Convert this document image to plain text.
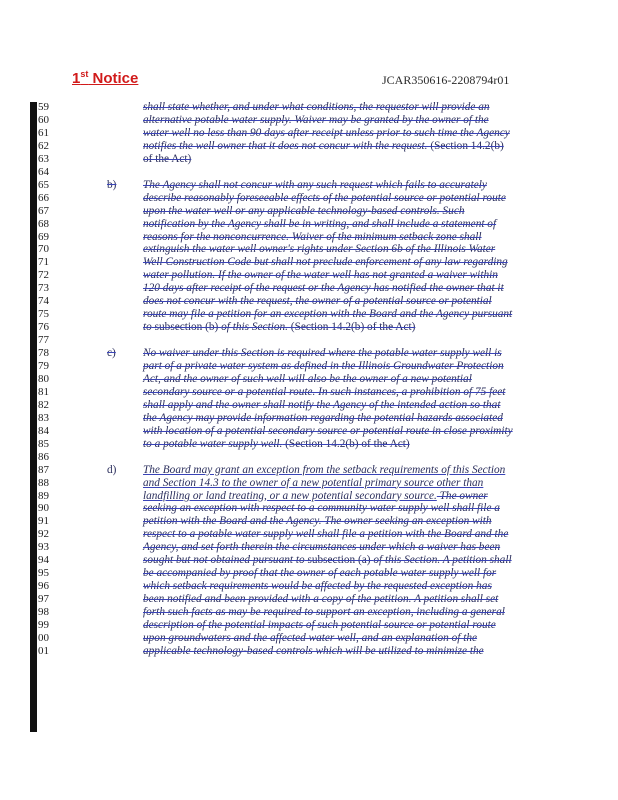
1st Notice	JCAR350616-2208794r01
59	shall state whether, and under what conditions, the requestor will provide an
60	alternative potable water supply. Waiver may be granted by the owner of the
61	water well no less than 90 days after receipt unless prior to such time the Agency
62	notifies the well owner that it does not concur with the request. (Section 14.2(b)
63	of the Act)
64
65	b) The Agency shall not concur with any such request which fails to accurately
66	describe reasonably foreseeable effects of the potential source or potential route
67	upon the water well or any applicable technology-based controls. Such
68	notification by the Agency shall be in writing, and shall include a statement of
69	reasons for the nonconcurrence. Waiver of the minimum setback zone shall
70	extinguish the water well owner's rights under Section 6b of the Illinois Water
71	Well Construction Code but shall not preclude enforcement of any law regarding
72	water pollution. If the owner of the water well has not granted a waiver within
73	120 days after receipt of the request or the Agency has notified the owner that it
74	does not concur with the request, the owner of a potential source or potential
75	route may file a petition for an exception with the Board and the Agency pursuant
76	to subsection (b) of this Section. (Section 14.2(b) of the Act)
77
78	c) No waiver under this Section is required where the potable water supply well is
79	part of a private water system as defined in the Illinois Groundwater Protection
80	Act, and the owner of such well will also be the owner of a new potential
81	secondary source or a potential route. In such instances, a prohibition of 75 feet
82	shall apply and the owner shall notify the Agency of the intended action so that
83	the Agency may provide information regarding the potential hazards associated
84	with location of a potential secondary source or potential route in close proximity
85	to a potable water supply well. (Section 14.2(b) of the Act)
86
87	d) The Board may grant an exception from the setback requirements of this Section
88	and Section 14.3 to the owner of a new potential primary source other than
89	landfilling or land treating, or a new potential secondary source. The owner
90	seeking an exception with respect to a community water supply well shall file a
91	petition with the Board and the Agency. The owner seeking an exception with
92	respect to a potable water supply well shall file a petition with the Board and the
93	Agency, and set forth therein the circumstances under which a waiver has been
94	sought but not obtained pursuant to subsection (a) of this Section. A petition shall
95	be accompanied by proof that the owner of each potable water supply well for
96	which setback requirements would be affected by the requested exception has
97	been notified and been provided with a copy of the petition. A petition shall set
98	forth such facts as may be required to support an exception, including a general
99	description of the potential impacts of such potential source or potential route
00	upon groundwaters and the affected water well, and an explanation of the
01	applicable technology-based controls which will be utilized to minimize the
